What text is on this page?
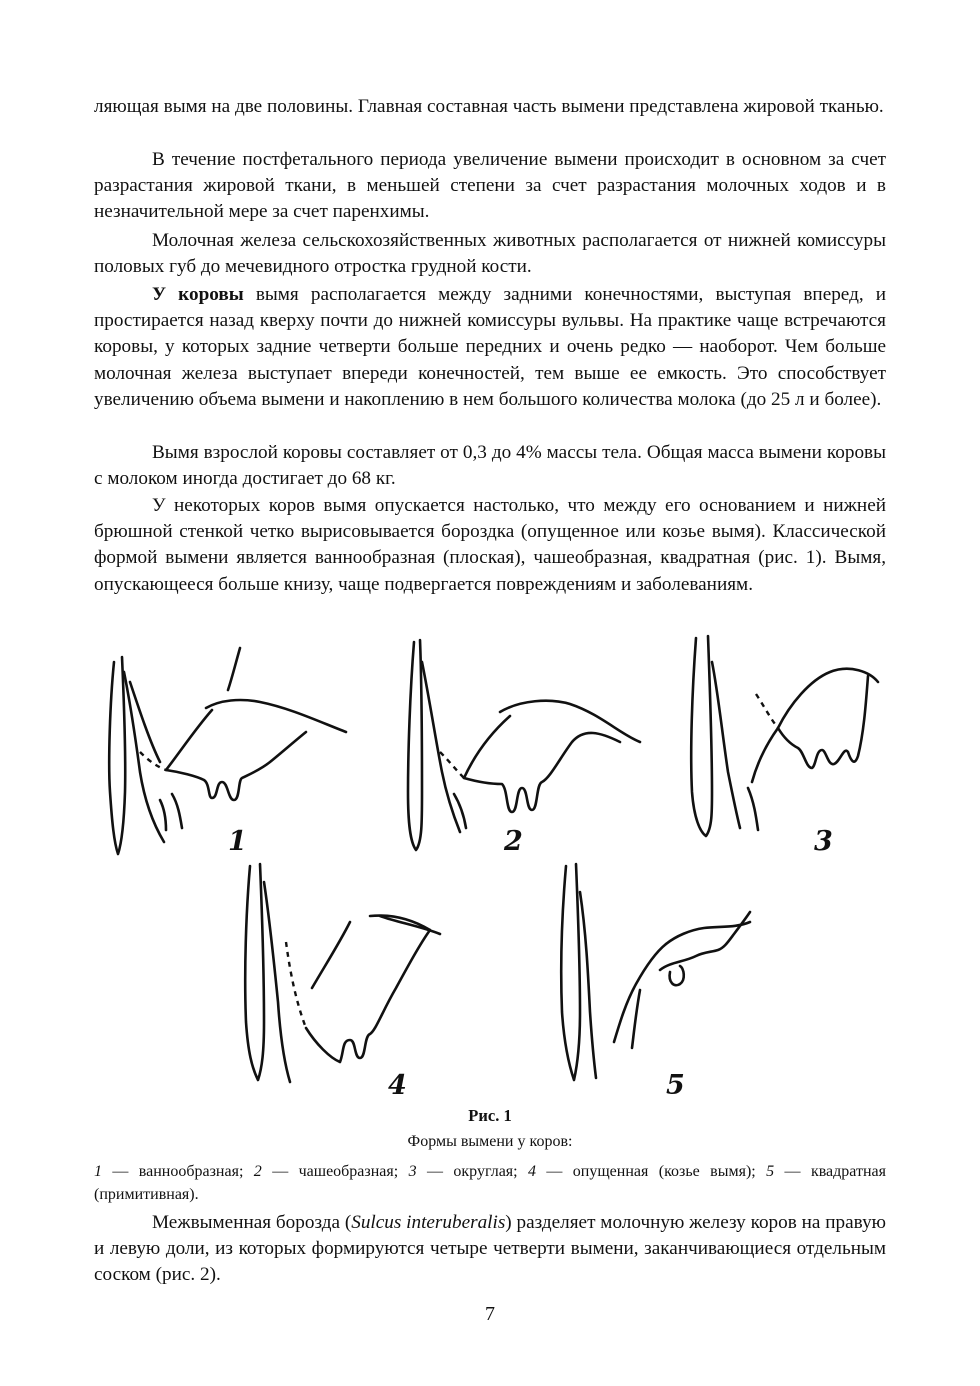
ляющая вымя на две половины. Главная составная часть вымени представлена жировой тканью.

В течение постфетального периода увеличение вымени происходит в основном за счет разрастания жировой ткани, в меньшей степени за счет разрастания молочных ходов и в незначительной мере за счет паренхимы.

Молочная железа сельскохозяйственных животных располагается от нижней комиссуры половых губ до мечевидного отростка грудной кости.

У коровы вымя располагается между задними конечностями, выступая вперед, и простирается назад кверху почти до нижней комиссуры вульвы. На практике чаще встречаются коровы, у которых задние четверти больше передних и очень редко — наоборот. Чем больше молочная железа выступает впереди конечностей, тем выше ее емкость. Это способствует увеличению объема вымени и накоплению в нем большого количества молока (до 25 л и более).

Вымя взрослой коровы составляет от 0,3 до 4% массы тела. Общая масса вымени коровы с молоком иногда достигает до 68 кг.

У некоторых коров вымя опускается настолько, что между его основанием и нижней брюшной стенкой четко вырисовывается бороздка (опущенное или козье вымя). Классической формой вымени является ваннообразная (плоская), чашеобразная, квадратная (рис. 1). Вымя, опускающееся больше книзу, чаще подвергается повреждениям и заболеваниям.

1	2	3
4	5
Рис. 1
Формы вымени у коров:

1 — ваннообразная; 2 — чашеобразная; 3 — округлая; 4 — опущенная (козье вымя); 5 — квадратная (примитивная).

Межвыменная борозда (Sulcus interuberalis) разделяет молочную железу коров на правую и левую доли, из которых формируются четыре четверти вымени, заканчивающиеся отдельным соском (рис. 2).

7
